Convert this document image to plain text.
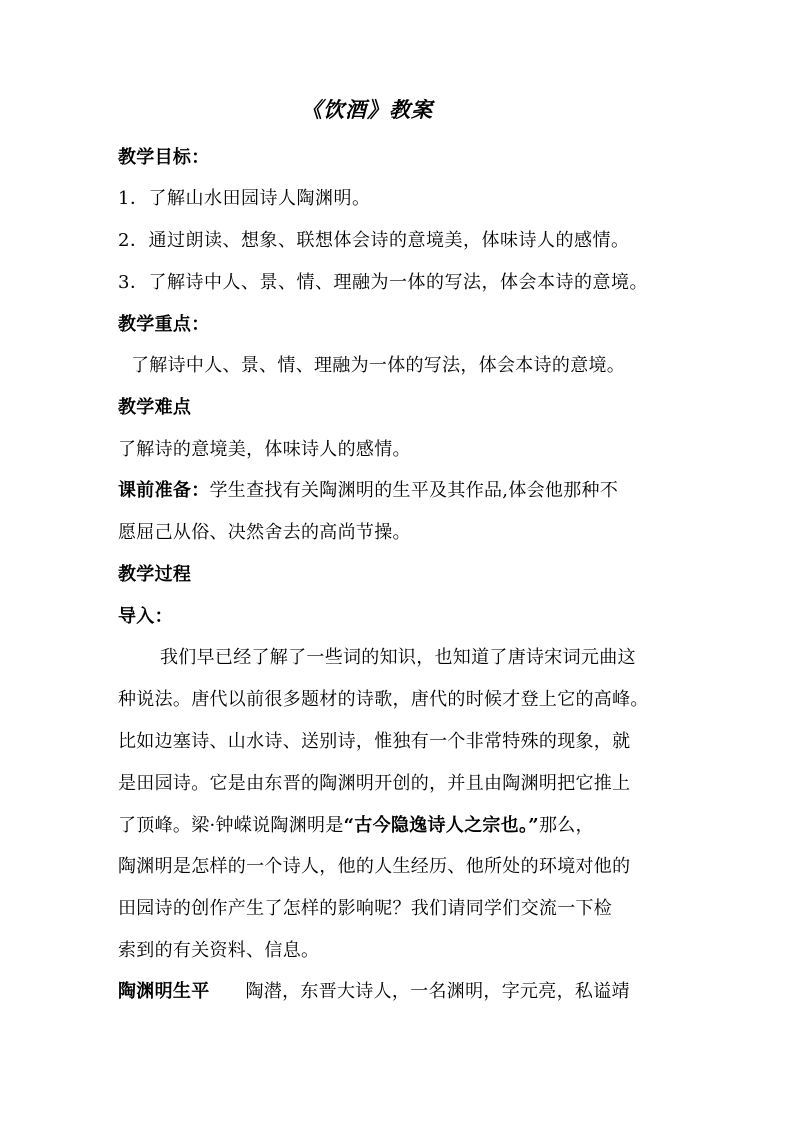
《饮酒》教案
教学目标：
1．了解山水田园诗人陶渊明。
2．通过朗读、想象、联想体会诗的意境美，体味诗人的感情。
3．了解诗中人、景、情、理融为一体的写法，体会本诗的意境。
教学重点：
了解诗中人、景、情、理融为一体的写法，体会本诗的意境。
教学难点
了解诗的意境美，体味诗人的感情。
课前准备：学生查找有关陶渊明的生平及其作品,体会他那种不
愿屈己从俗、决然舍去的高尚节操。
教学过程
导入：
我们早已经了解了一些词的知识，也知道了唐诗宋词元曲这
种说法。唐代以前很多题材的诗歌，唐代的时候才登上它的高峰。
比如边塞诗、山水诗、送别诗，惟独有一个非常特殊的现象，就
是田园诗。它是由东晋的陶渊明开创的，并且由陶渊明把它推上
了顶峰。梁·钟嵘说陶渊明是“古今隐逸诗人之宗也。”那么，
陶渊明是怎样的一个诗人，他的人生经历、他所处的环境对他的
田园诗的创作产生了怎样的影响呢？我们请同学们交流一下检
索到的有关资料、信息。
陶渊明生平 陶潜，东晋大诗人，一名渊明，字元亮，私谥靖
